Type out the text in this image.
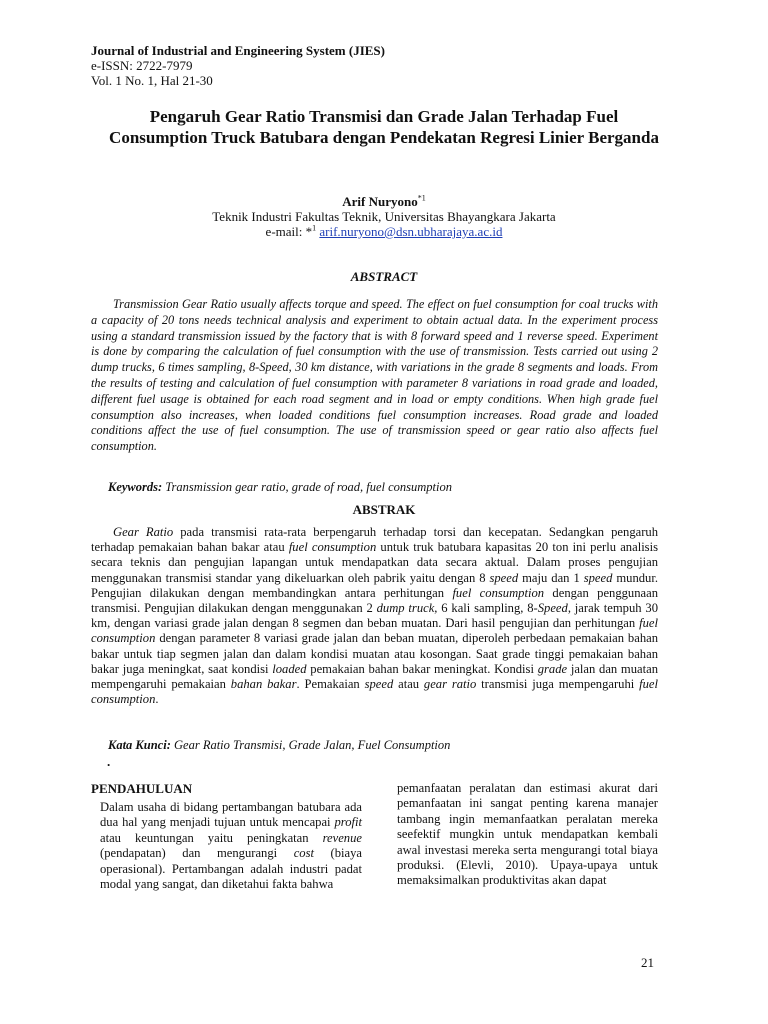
Journal of Industrial and Engineering System (JIES)
e-ISSN: 2722-7979
Vol. 1 No. 1, Hal 21-30
Pengaruh Gear Ratio Transmisi dan Grade Jalan Terhadap Fuel Consumption Truck Batubara dengan Pendekatan Regresi Linier Berganda
Arif Nuryono$^{*1}$
Teknik Industri Fakultas Teknik, Universitas Bhayangkara Jakarta
e-mail: *$^1$ arif.nuryono@dsn.ubharajaya.ac.id
ABSTRACT
Transmission Gear Ratio usually affects torque and speed. The effect on fuel consumption for coal trucks with a capacity of 20 tons needs technical analysis and experiment to obtain actual data. In the experiment process using a standard transmission issued by the factory that is with 8 forward speed and 1 reverse speed. Experiment is done by comparing the calculation of fuel consumption with the use of transmission. Tests carried out using 2 dump trucks, 6 times sampling, 8-Speed, 30 km distance, with variations in the grade 8 segments and loads. From the results of testing and calculation of fuel consumption with parameter 8 variations in road grade and loaded, different fuel usage is obtained for each road segment and in load or empty conditions. When high grade fuel consumption also increases, when loaded conditions fuel consumption increases. Road grade and loaded conditions affect the use of fuel consumption. The use of transmission speed or gear ratio also affects fuel consumption.
Keywords: Transmission gear ratio, grade of road, fuel consumption
ABSTRAK
Gear Ratio pada transmisi rata-rata berpengaruh terhadap torsi dan kecepatan. Sedangkan pengaruh terhadap pemakaian bahan bakar atau fuel consumption untuk truk batubara kapasitas 20 ton ini perlu analisis secara teknis dan pengujian lapangan untuk mendapatkan data secara aktual. Dalam proses pengujian menggunakan transmisi standar yang dikeluarkan oleh pabrik yaitu dengan 8 speed maju dan 1 speed mundur. Pengujian dilakukan dengan membandingkan antara perhitungan fuel consumption dengan penggunaan transmisi. Pengujian dilakukan dengan menggunakan 2 dump truck, 6 kali sampling, 8-Speed, jarak tempuh 30 km, dengan variasi grade jalan dengan 8 segmen dan beban muatan. Dari hasil pengujian dan perhitungan fuel consumption dengan parameter 8 variasi grade jalan dan beban muatan, diperoleh perbedaan pemakaian bahan bakar untuk tiap segmen jalan dan dalam kondisi muatan atau kosongan. Saat grade tinggi pemakaian bahan bakar juga meningkat, saat kondisi loaded pemakaian bahan bakar meningkat. Kondisi grade jalan dan muatan mempengaruhi pemakaian bahan bakar. Pemakaian speed atau gear ratio transmisi juga mempengaruhi fuel consumption.
Kata Kunci: Gear Ratio Transmisi, Grade Jalan, Fuel Consumption
.
PENDAHULUAN
Dalam usaha di bidang pertambangan batubara ada dua hal yang menjadi tujuan untuk mencapai profit atau keuntungan yaitu peningkatan revenue (pendapatan) dan mengurangi cost (biaya operasional). Pertambangan adalah industri padat modal yang sangat, dan diketahui fakta bahwa
pemanfaatan peralatan dan estimasi akurat dari pemanfaatan ini sangat penting karena manajer tambang ingin memanfaatkan peralatan mereka seefektif mungkin untuk mendapatkan kembali awal investasi mereka serta mengurangi total biaya produksi. (Elevli, 2010). Upaya-upaya untuk memaksimalkan produktivitas akan dapat
21
